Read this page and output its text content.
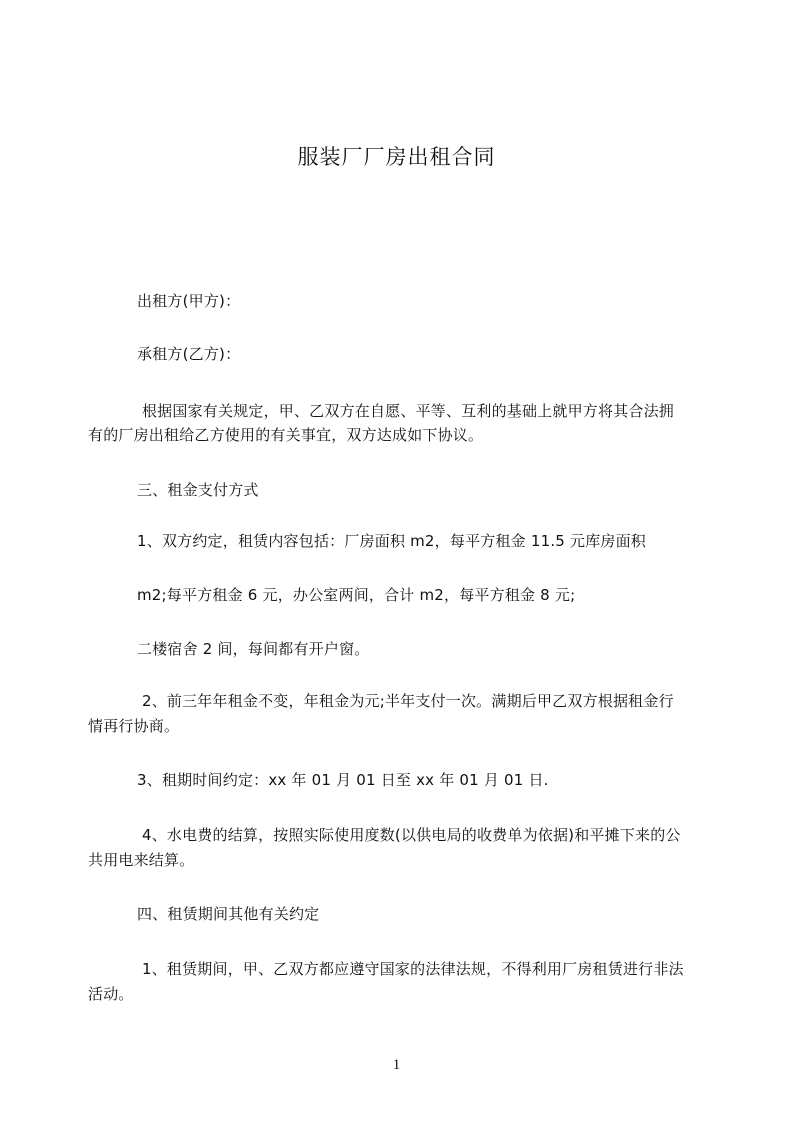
服装厂厂房出租合同

出租方(甲方)：

承租方(乙方)：

根据国家有关规定，甲、乙双方在自愿、平等、互利的基础上就甲方将其合法拥

有的厂房出租给乙方使用的有关事宜，双方达成如下协议。

三、租金支付方式

1、双方约定，租赁内容包括：厂房面积 m2，每平方租金 11.5 元库房面积

m2;每平方租金 6 元，办公室两间，合计 m2，每平方租金 8 元;

二楼宿舍 2 间，每间都有开户窗。

2、前三年年租金不变，年租金为元;半年支付一次。满期后甲乙双方根据租金行

情再行协商。

3、租期时间约定：xx 年 01 月 01 日至 xx 年 01 月 01 日.

4、水电费的结算，按照实际使用度数(以供电局的收费单为依据)和平摊下来的公

共用电来结算。

四、租赁期间其他有关约定

1、租赁期间，甲、乙双方都应遵守国家的法律法规，不得利用厂房租赁进行非法

活动。

1
